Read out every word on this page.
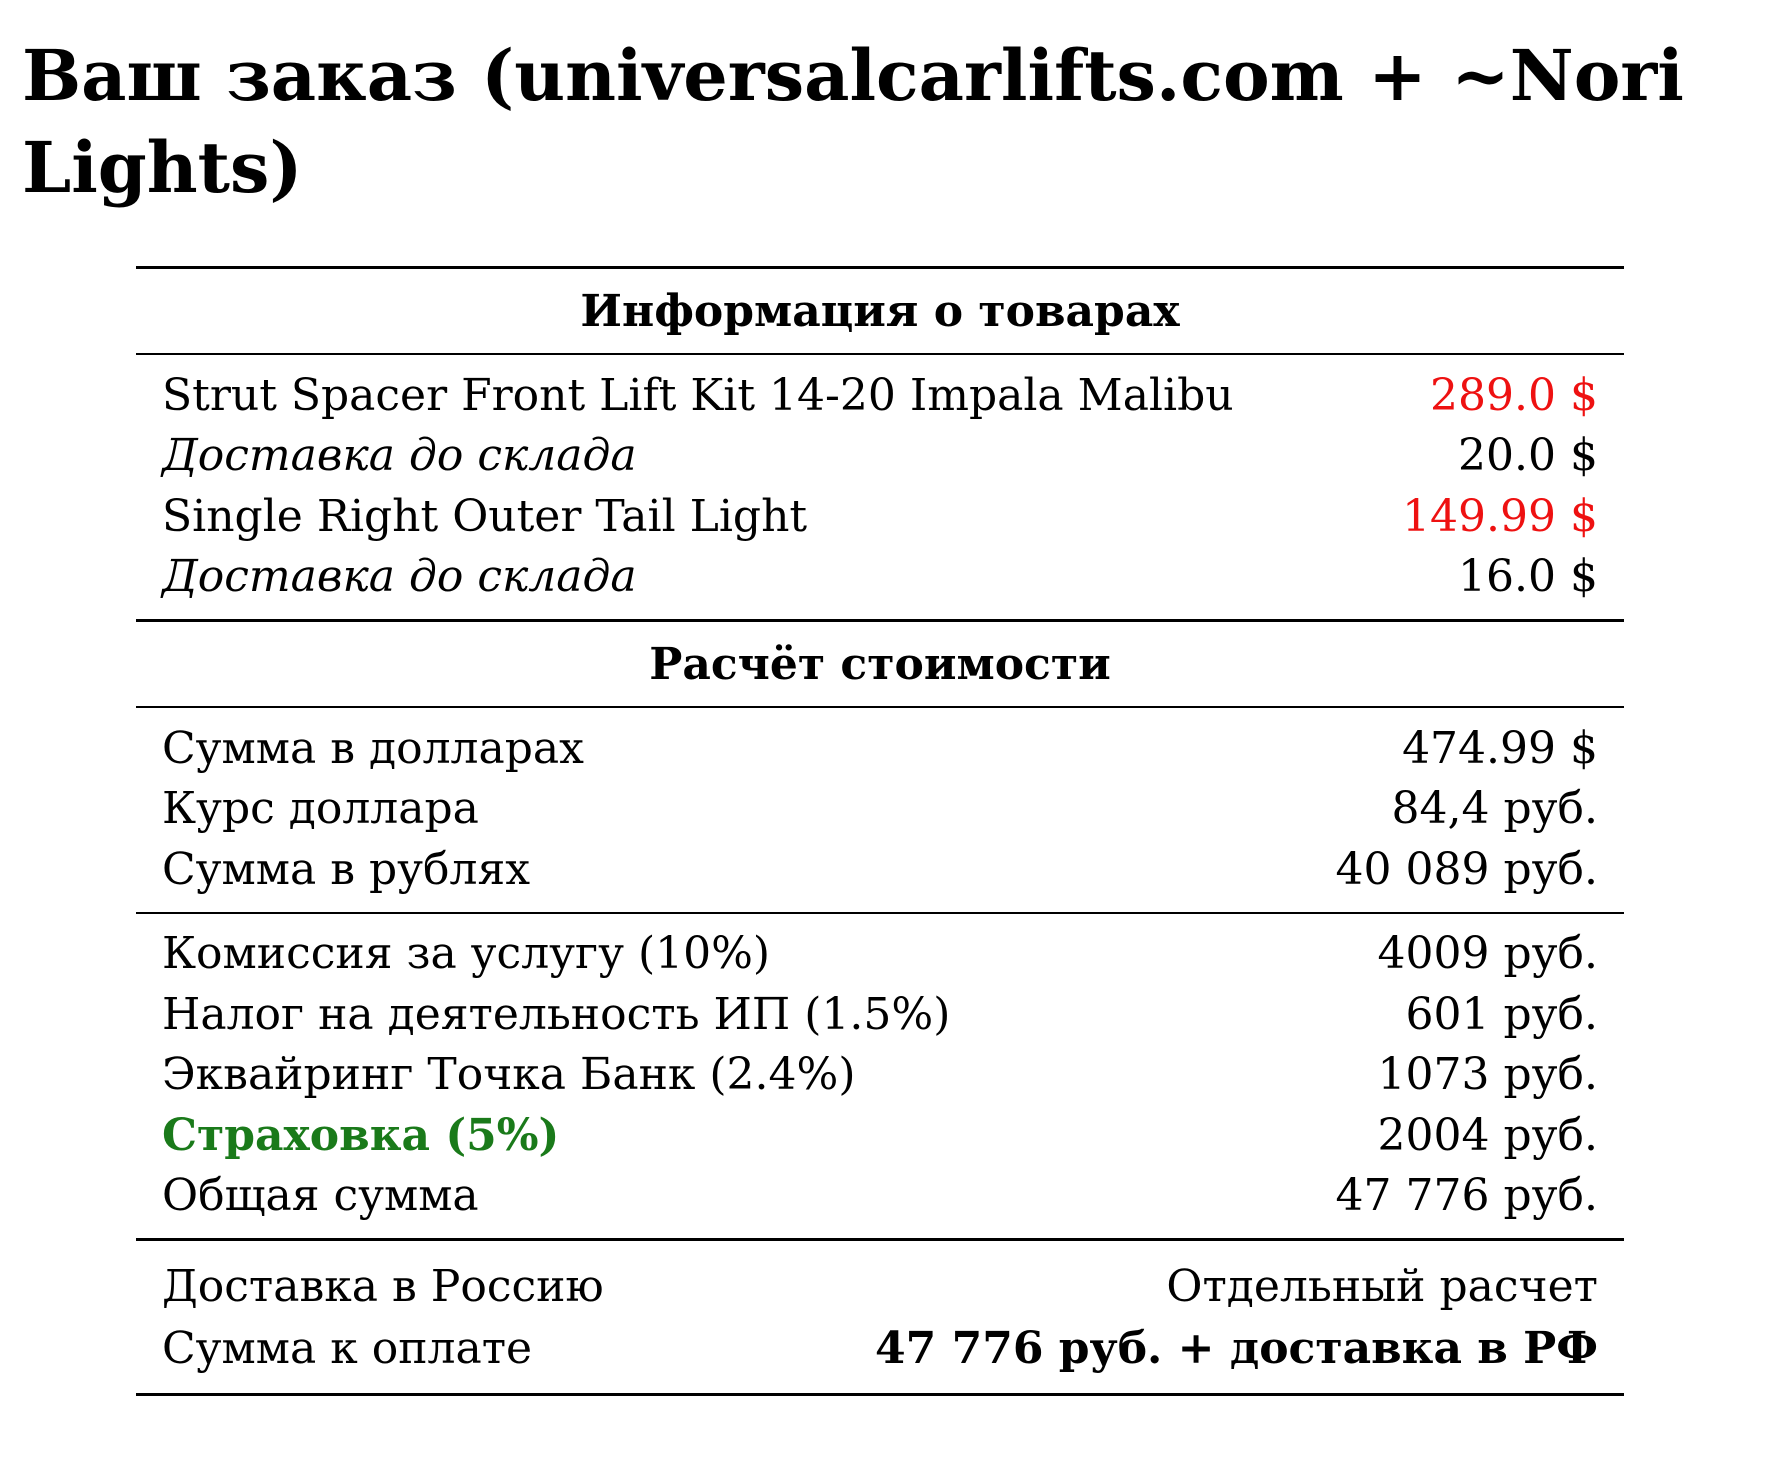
Ваш заказ (universalcarlifts.com + ~Nori Lights)
Информация о товарах
Strut Spacer Front Lift Kit 14-20 Impala Malibu	289.0 $
Доставка до склада	20.0 $
Single Right Outer Tail Light	149.99 $
Доставка до склада	16.0 $
Расчёт стоимости
Сумма в долларах	474.99 $
Курс доллара	84,4 руб.
Сумма в рублях	40 089 руб.
Комиссия за услугу (10%)	4009 руб.
Налог на деятельность ИП (1.5%)	601 руб.
Эквайринг Точка Банк (2.4%)	1073 руб.
Страховка (5%)	2004 руб.
Общая сумма	47 776 руб.
Доставка в Россию	Отдельный расчет
Сумма к оплате	47 776 руб. + доставка в РФ
